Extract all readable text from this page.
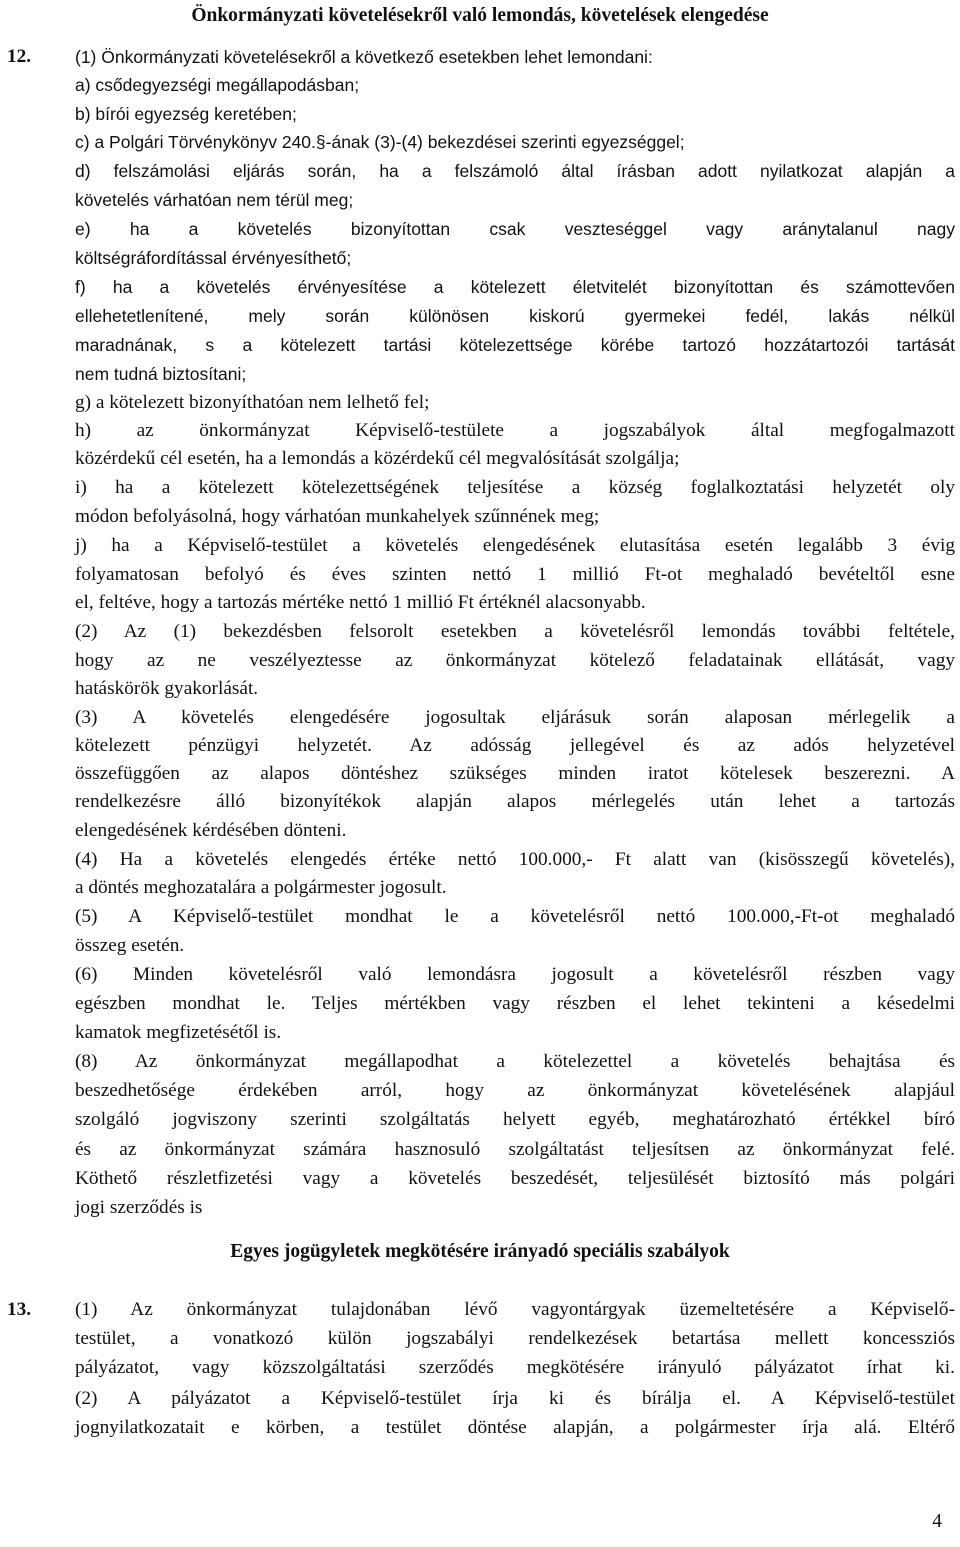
Önkormányzati követelésekről való lemondás, követelések elengedése
12.	(1) Önkormányzati követelésekről a következő esetekben lehet lemondani:
a) csődegyezségi megállapodásban;
b) bírói egyezség keretében;
c) a Polgári Törvénykönyv 240.§-ának (3)-(4) bekezdései szerinti egyezséggel;
d) felszámolási eljárás során, ha a felszámoló által írásban adott nyilatkozat alapján a
követelés várhatóan nem térül meg;
e) ha a követelés bizonyítottan csak veszteséggel vagy aránytalanul nagy
költségráfordítással érvényesíthető;
f) ha a követelés érvényesítése a kötelezett életvitelét bizonyítottan és számottevően
ellehetetlenítené, mely során különösen kiskorú gyermekei fedél, lakás nélkül
maradnának, s a kötelezett tartási kötelezettsége körébe tartozó hozzátartozói tartását
nem tudná biztosítani;
g) a kötelezett bizonyíthatóan nem lelhető fel;
h) az önkormányzat Képviselő-testülete a jogszabályok által megfogalmazott
közérdekű cél esetén, ha a lemondás a közérdekű cél megvalósítását szolgálja;
i) ha a kötelezett kötelezettségének teljesítése a község foglalkoztatási helyzetét oly
módon befolyásolná, hogy várhatóan munkahelyek szűnnének meg;
j) ha a Képviselő-testület a követelés elengedésének elutasítása esetén legalább 3 évig
folyamatosan befolyó és éves szinten nettó 1 millió Ft-ot meghaladó bevételtől esne
el, feltéve, hogy a tartozás mértéke nettó 1 millió Ft értéknél alacsonyabb.
(2) Az (1) bekezdésben felsorolt esetekben a követelésről lemondás további feltétele,
hogy az ne veszélyeztesse az önkormányzat kötelező feladatainak ellátását, vagy
hatáskörök gyakorlását.
(3) A követelés elengedésére jogosultak eljárásuk során alaposan mérlegelik a
kötelezett pénzügyi helyzetét. Az adósság jellegével és az adós helyzetével
összefüggően az alapos döntéshez szükséges minden iratot kötelesek beszerezni. A
rendelkezésre álló bizonyítékok alapján alapos mérlegelés után lehet a tartozás
elengedésének kérdésében dönteni.
(4) Ha a követelés elengedés értéke nettó 100.000,- Ft alatt van (kisösszegű követelés),
a döntés meghozatalára a polgármester jogosult.
(5) A Képviselő-testület mondhat le a követelésről nettó 100.000,-Ft-ot meghaladó
összeg esetén.
(6) Minden követelésről való lemondásra jogosult a követelésről részben vagy
egészben mondhat le. Teljes mértékben vagy részben el lehet tekinteni a késedelmi
kamatok megfizetésétől is.
(8) Az önkormányzat megállapodhat a kötelezettel a követelés behajtása és
beszedhetősége érdekében arról, hogy az önkormányzat követelésének alapjául
szolgáló jogviszony szerinti szolgáltatás helyett egyéb, meghatározható értékkel bíró
és az önkormányzat számára hasznosuló szolgáltatást teljesítsen az önkormányzat felé.
Köthető részletfizetési vagy a követelés beszedését, teljesülését biztosító más polgári
jogi szerződés is
Egyes jogügyletek megkötésére irányadó speciális szabályok
13. (1) Az önkormányzat tulajdonában lévő vagyontárgyak üzemeltetésére a Képviselő-
testület, a vonatkozó külön jogszabályi rendelkezések betartása mellett koncessziós
pályázatot, vagy közszolgáltatási szerződés megkötésére irányuló pályázatot írhat ki.
(2) A pályázatot a Képviselő-testület írja ki és bírálja el. A Képviselő-testület
jognyilatkozatait e körben, a testület döntése alapján, a polgármester írja alá. Eltérő
4
